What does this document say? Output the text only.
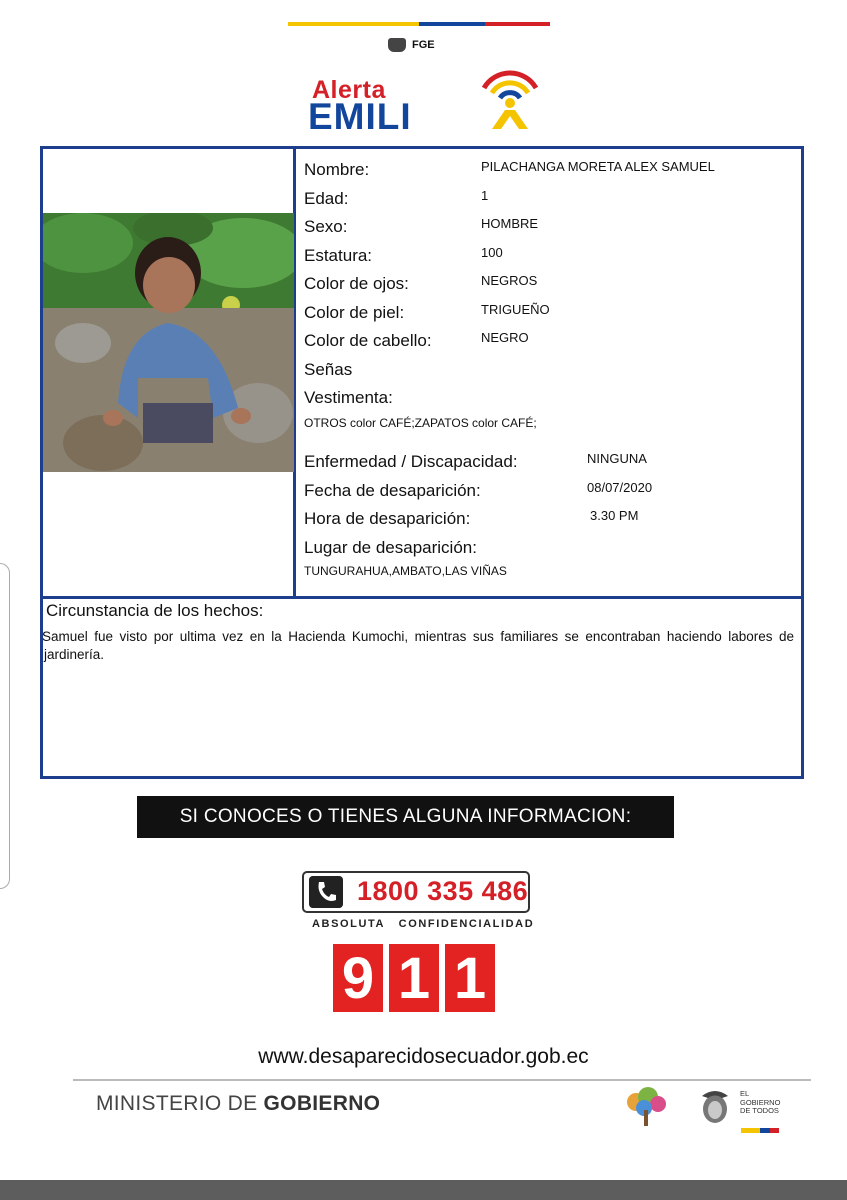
FGE
Alerta
EMILI
Nombre:	PILACHANGA MORETA ALEX SAMUEL
Edad:	1
Sexo:	HOMBRE
Estatura:	100
Color de ojos:	NEGROS
Color de piel:	TRIGUEÑO
Color de cabello:	NEGRO
Señas
Vestimenta:
OTROS color CAFÉ;ZAPATOS color CAFÉ;
Enfermedad / Discapacidad:	NINGUNA
Fecha de desaparición:	08/07/2020
Hora de desaparición:	3.30 PM
Lugar de desaparición:
TUNGURAHUA,AMBATO,LAS VIÑAS
Circunstancia de los hechos:
Samuel fue visto por ultima vez en la Hacienda Kumochi, mientras sus familiares se encontraban haciendo labores de jardinería.
SI CONOCES O TIENES ALGUNA INFORMACION:
1800 335 486
ABSOLUTA   CONFIDENCIALIDAD
9 1 1
www.desaparecidosecuador.gob.ec
MINISTERIO DE GOBIERNO	EL
GOBIERNO
DE TODOS
